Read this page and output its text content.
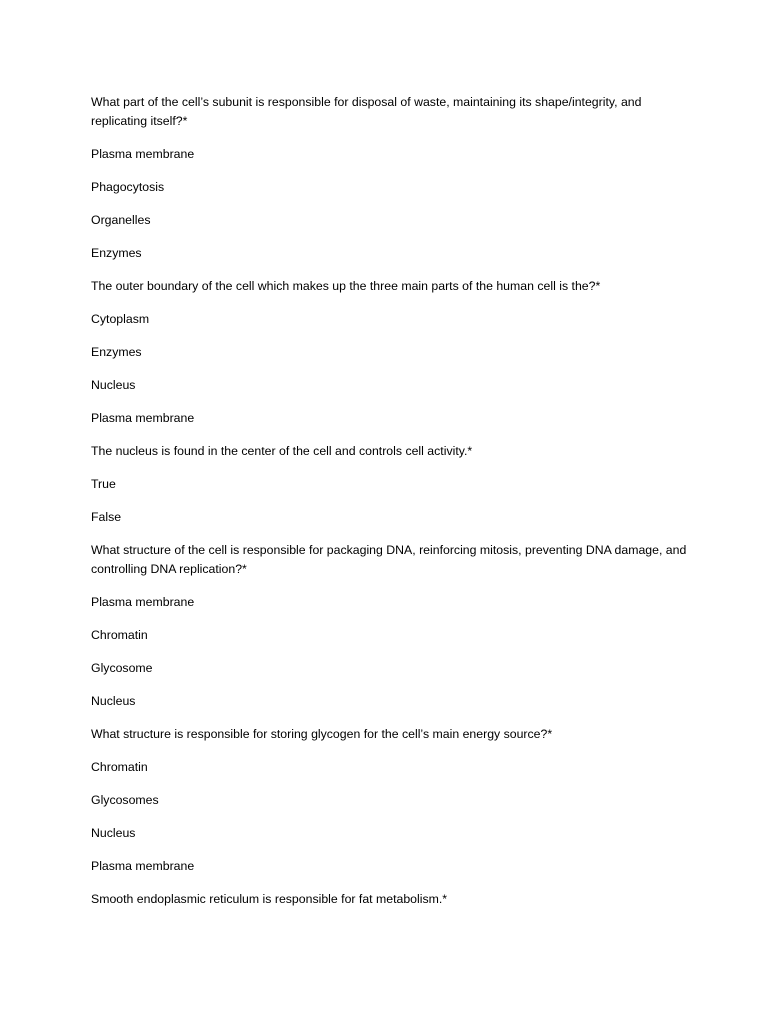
What part of the cell’s subunit is responsible for disposal of waste, maintaining its shape/integrity, and replicating itself?*

Plasma membrane

Phagocytosis

Organelles

Enzymes

The outer boundary of the cell which makes up the three main parts of the human cell is the?*

Cytoplasm

Enzymes

Nucleus

Plasma membrane

The nucleus is found in the center of the cell and controls cell activity.*

True

False

What structure of the cell is responsible for packaging DNA, reinforcing mitosis, preventing DNA damage, and controlling DNA replication?*

Plasma membrane

Chromatin

Glycosome

Nucleus

What structure is responsible for storing glycogen for the cell’s main energy source?*

Chromatin

Glycosomes

Nucleus

Plasma membrane

Smooth endoplasmic reticulum is responsible for fat metabolism.*
